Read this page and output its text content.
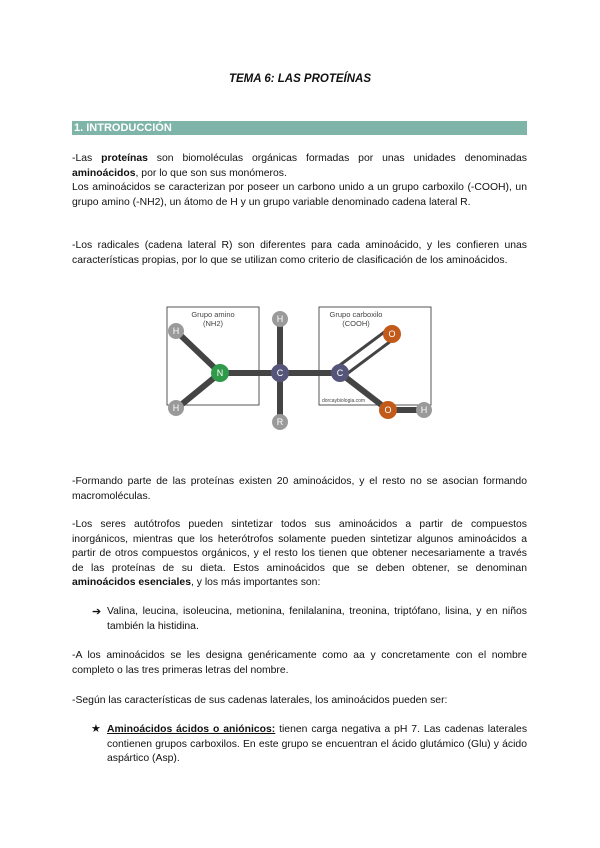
TEMA 6: LAS PROTEÍNAS
1. INTRODUCCIÓN
-Las proteínas son biomoléculas orgánicas formadas por unas unidades denominadas aminoácidos, por lo que son sus monómeros.
Los aminoácidos se caracterizan por poseer un carbono unido a un grupo carboxilo (-COOH), un grupo amino (-NH2), un átomo de H y un grupo variable denominado cadena lateral R.
-Los radicales (cadena lateral R) son diferentes para cada aminoácido, y les confieren unas características propias, por lo que se utilizan como criterio de clasificación de los aminoácidos.
Grupo amino
(NH2)
Grupo carboxilo
(COOH)
H
H
N	C
H
R
C
O
O	H
dorcaybiologia.com
-Formando parte de las proteínas existen 20 aminoácidos, y el resto no se asocian formando macromoléculas.
-Los seres autótrofos pueden sintetizar todos sus aminoácidos a partir de compuestos inorgánicos, mientras que los heterótrofos solamente pueden sintetizar algunos aminoácidos a partir de otros compuestos orgánicos, y el resto los tienen que obtener necesariamente a través de las proteínas de su dieta. Estos aminoácidos que se deben obtener, se denominan aminoácidos esenciales, y los más importantes son:
➔ Valina, leucina, isoleucina, metionina, fenilalanina, treonina, triptófano, lisina, y en niños también la histidina.
-A los aminoácidos se les designa genéricamente como aa y concretamente con el nombre completo o las tres primeras letras del nombre.
-Según las características de sus cadenas laterales, los aminoácidos pueden ser:
★ Aminoácidos ácidos o aniónicos: tienen carga negativa a pH 7. Las cadenas laterales contienen grupos carboxilos. En este grupo se encuentran el ácido glutámico (Glu) y ácido aspártico (Asp).
